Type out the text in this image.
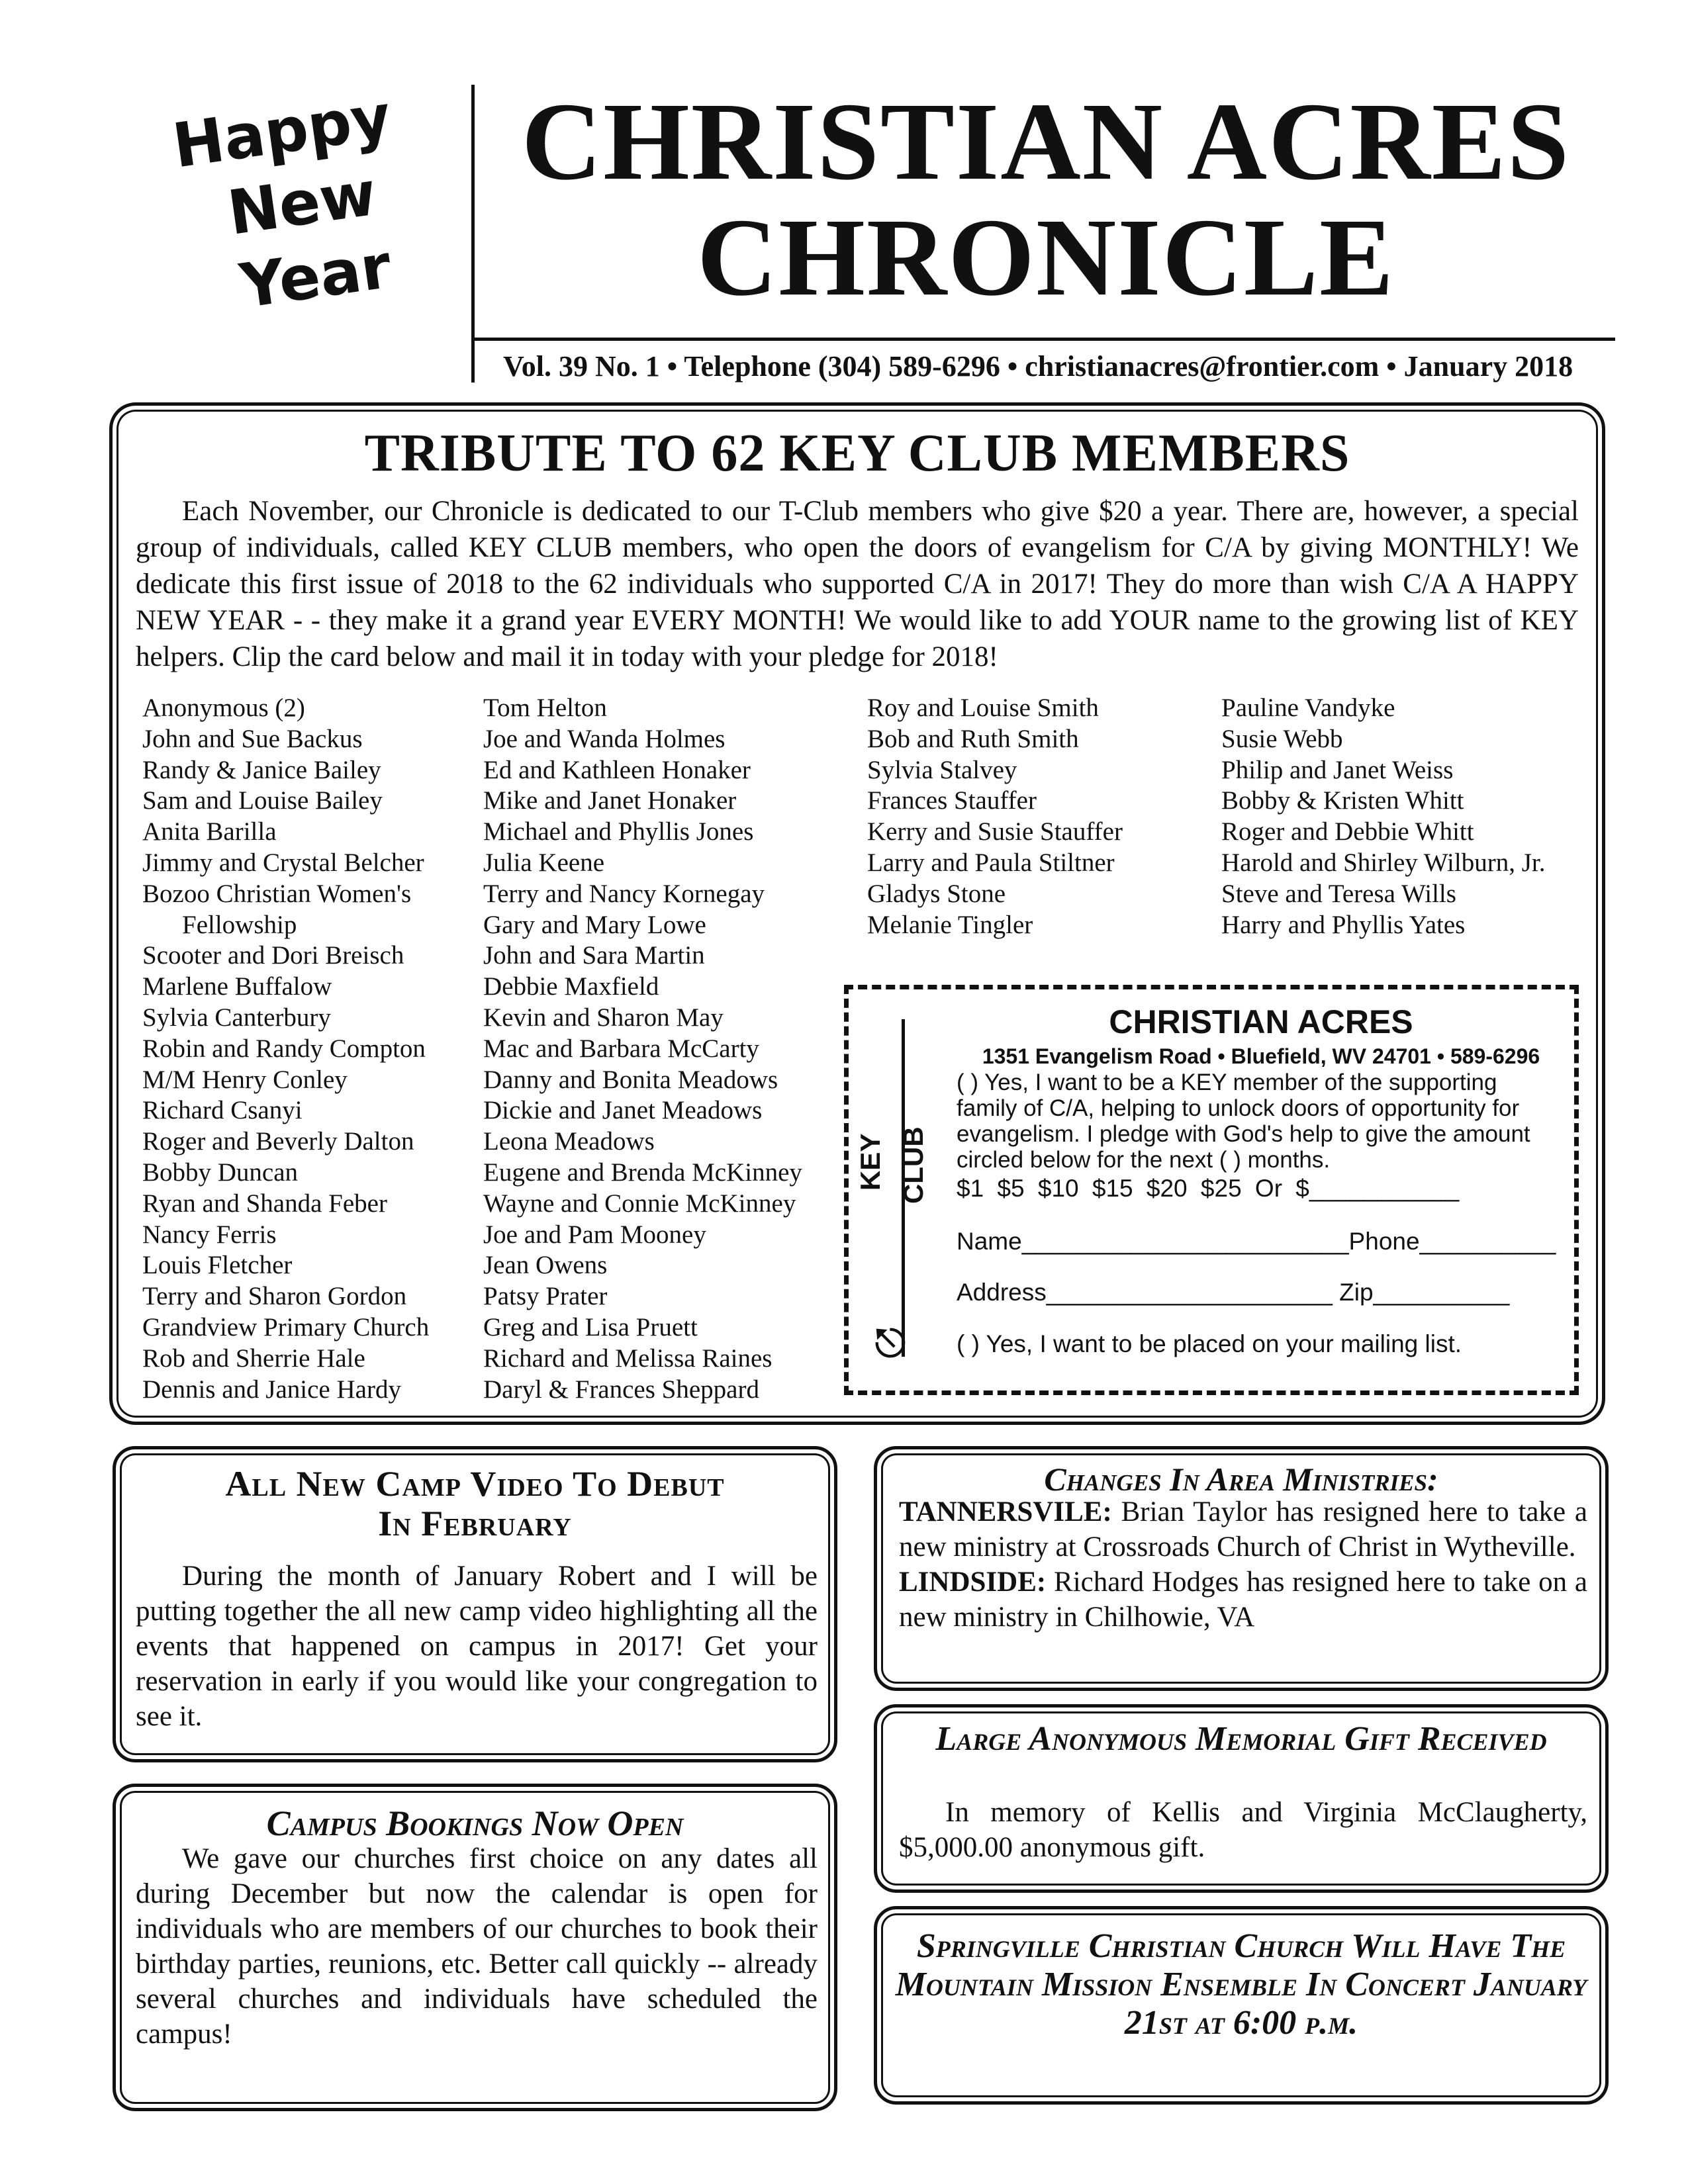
Happy
New
Year
CHRISTIAN ACRES
CHRONICLE
Vol. 39 No. 1 • Telephone (304) 589-6296 • christianacres@frontier.com • January 2018
TRIBUTE TO 62 KEY CLUB MEMBERS
Each November, our Chronicle is dedicated to our T-Club members who give $20 a year. There are, however, a special group of individuals, called KEY CLUB members, who open the doors of evangelism for C/A by giving MONTHLY! We dedicate this first issue of 2018 to the 62 individuals who supported C/A in 2017! They do more than wish C/A A HAPPY NEW YEAR - - they make it a grand year EVERY MONTH! We would like to add YOUR name to the growing list of KEY helpers. Clip the card below and mail it in today with your pledge for 2018!
Anonymous (2)
John and Sue Backus
Randy & Janice Bailey
Sam and Louise Bailey
Anita Barilla
Jimmy and Crystal Belcher
Bozoo Christian Women's
Fellowship
Scooter and Dori Breisch
Marlene Buffalow
Sylvia Canterbury
Robin and Randy Compton
M/M Henry Conley
Richard Csanyi
Roger and Beverly Dalton
Bobby Duncan
Ryan and Shanda Feber
Nancy Ferris
Louis Fletcher
Terry and Sharon Gordon
Grandview Primary Church
Rob and Sherrie Hale
Dennis and Janice Hardy
Tom Helton
Joe and Wanda Holmes
Ed and Kathleen Honaker
Mike and Janet Honaker
Michael and Phyllis Jones
Julia Keene
Terry and Nancy Kornegay
Gary and Mary Lowe
John and Sara Martin
Debbie Maxfield
Kevin and Sharon May
Mac and Barbara McCarty
Danny and Bonita Meadows
Dickie and Janet Meadows
Leona Meadows
Eugene and Brenda McKinney
Wayne and Connie McKinney
Joe and Pam Mooney
Jean Owens
Patsy Prater
Greg and Lisa Pruett
Richard and Melissa Raines
Daryl & Frances Sheppard
Roy and Louise Smith
Bob and Ruth Smith
Sylvia Stalvey
Frances Stauffer
Kerry and Susie Stauffer
Larry and Paula Stiltner
Gladys Stone
Melanie Tingler
Pauline Vandyke
Susie Webb
Philip and Janet Weiss
Bobby & Kristen Whitt
Roger and Debbie Whitt
Harold and Shirley Wilburn, Jr.
Steve and Teresa Wills
Harry and Phyllis Yates
KEY CLUB
⎋
CHRISTIAN ACRES
1351 Evangelism Road • Bluefield, WV 24701 • 589-6296
( ) Yes, I want to be a KEY member of the supporting family of C/A, helping to unlock doors of opportunity for evangelism. I pledge with God's help to give the amount circled below for the next ( ) months.
$1 $5 $10 $15 $20 $25 Or $___________
Name________________________Phone__________
Address_____________________ Zip__________
( ) Yes, I want to be placed on your mailing list.
All New Camp Video To Debut
In February
During the month of January Robert and I will be putting together the all new camp video highlighting all the events that happened on campus in 2017! Get your reservation in early if you would like your congregation to see it.
Campus Bookings Now Open
We gave our churches first choice on any dates all during December but now the calendar is open for individuals who are members of our churches to book their birthday parties, reunions, etc. Better call quickly -- already several churches and individuals have scheduled the campus!
Changes In Area Ministries:
TANNERSVILE: Brian Taylor has resigned here to take a new ministry at Crossroads Church of Christ in Wytheville.
LINDSIDE: Richard Hodges has resigned here to take on a new ministry in Chilhowie, VA
Large Anonymous Memorial Gift Received
In memory of Kellis and Virginia McClaugherty, $5,000.00 anonymous gift.
Springville Christian Church Will Have The Mountain Mission Ensemble In Concert January 21st at 6:00 p.m.
